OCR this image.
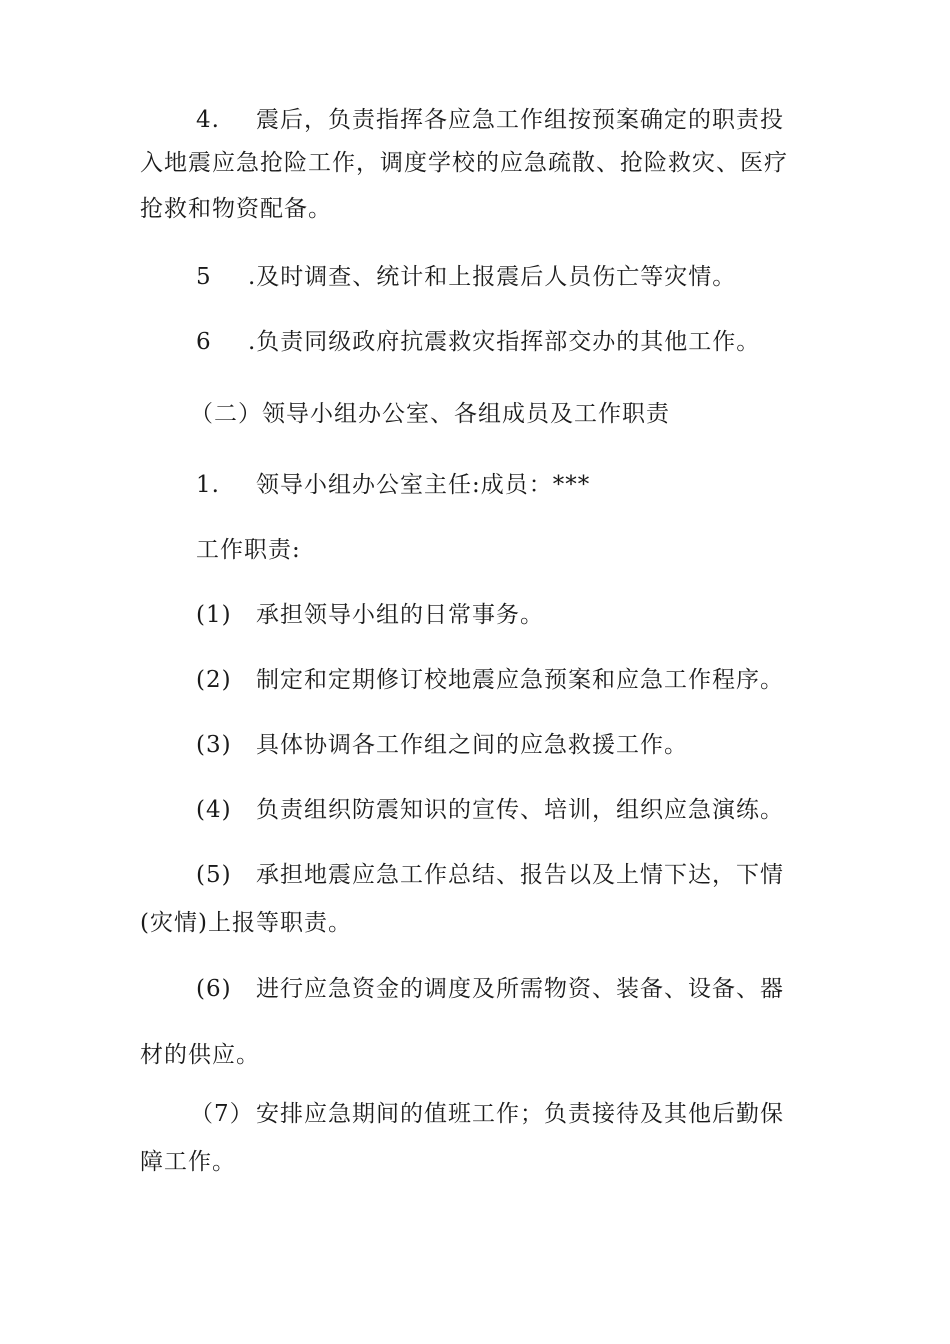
4. 震后，负责指挥各应急工作组按预案确定的职责投
入地震应急抢险工作，调度学校的应急疏散、抢险救灾、医疗
抢救和物资配备。
5 .及时调查、统计和上报震后人员伤亡等灾情。
6 .负责同级政府抗震救灾指挥部交办的其他工作。
（二）领导小组办公室、各组成员及工作职责
1. 领导小组办公室主任:成员：***
工作职责:
(1) 承担领导小组的日常事务。
(2) 制定和定期修订校地震应急预案和应急工作程序。
(3) 具体协调各工作组之间的应急救援工作。
(4) 负责组织防震知识的宣传、培训，组织应急演练。
(5) 承担地震应急工作总结、报告以及上情下达，下情
(灾情)上报等职责。
(6) 进行应急资金的调度及所需物资、装备、设备、器
材的供应。
（7） 安排应急期间的值班工作；负责接待及其他后勤保
障工作。
